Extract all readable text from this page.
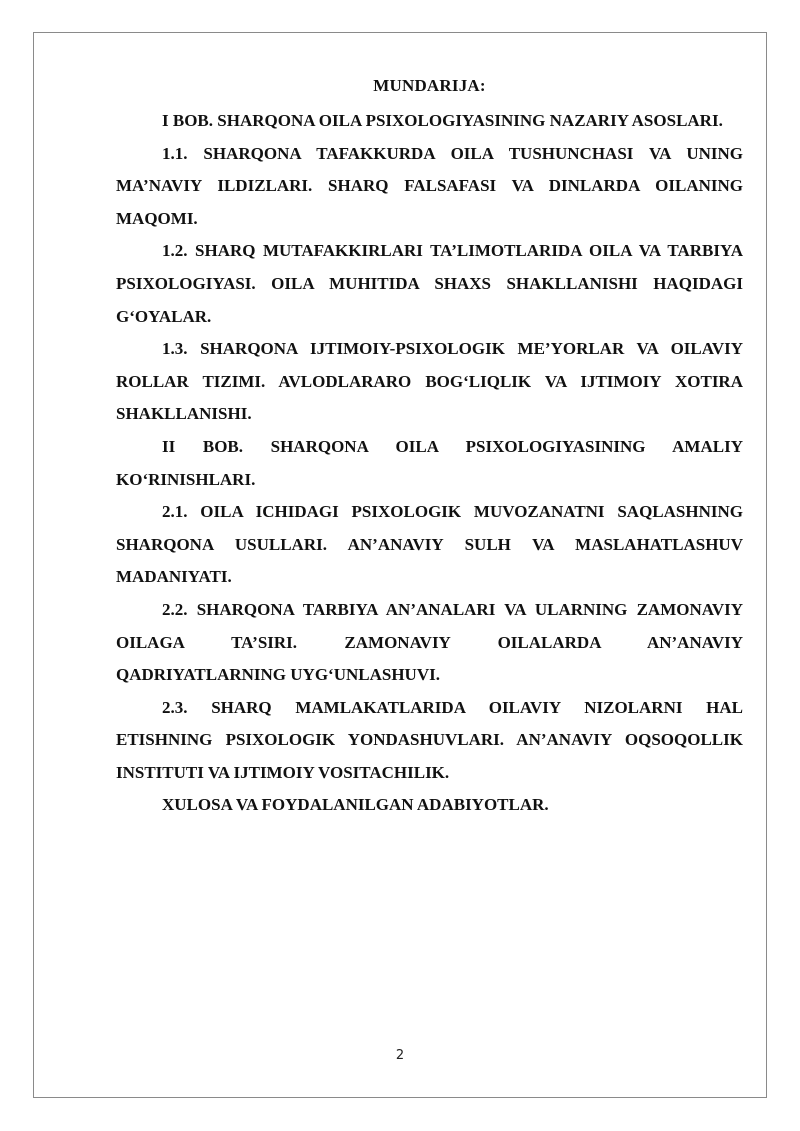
MUNDARIJA:

I BOB. SHARQONA OILA PSIXOLOGIYASINING NAZARIY ASOSLARI.

1.1. SHARQONA TAFAKKURDA OILA TUSHUNCHASI VA UNING MA’NAVIY ILDIZLARI. SHARQ FALSAFASI VA DINLARDA OILANING MAQOMI.

1.2. SHARQ MUTAFAKKIRLARI TA’LIMOTLARIDA OILA VA TARBIYA PSIXOLOGIYASI. OILA MUHITIDA SHAXS SHAKLLANISHI HAQIDAGI G‘OYALAR.

1.3. SHARQONA IJTIMOIY-PSIXOLOGIK ME’YORLAR VA OILAVIY ROLLAR TIZIMI. AVLODLARARO BOG‘LIQLIK VA IJTIMOIY XOTIRA SHAKLLANISHI.

II BOB. SHARQONA OILA PSIXOLOGIYASINING AMALIY KO‘RINISHLARI.

2.1. OILA ICHIDAGI PSIXOLOGIK MUVOZANATNI SAQLASHNING SHARQONA USULLARI. AN’ANAVIY SULH VA MASLAHATLASHUV MADANIYATI.

2.2. SHARQONA TARBIYA AN’ANALARI VA ULARNING ZAMONAVIY OILAGA TA’SIRI. ZAMONAVIY OILALARDA AN’ANAVIY QADRIYATLARNING UYG‘UNLASHUVI.

2.3. SHARQ MAMLAKATLARIDA OILAVIY NIZOLARNI HAL ETISHNING PSIXOLOGIK YONDASHUVLARI. AN’ANAVIY OQSOQOLLIK INSTITUTI VA IJTIMOIY VOSITACHILIK.

XULOSA VA FOYDALANILGAN ADABIYOTLAR.

2
